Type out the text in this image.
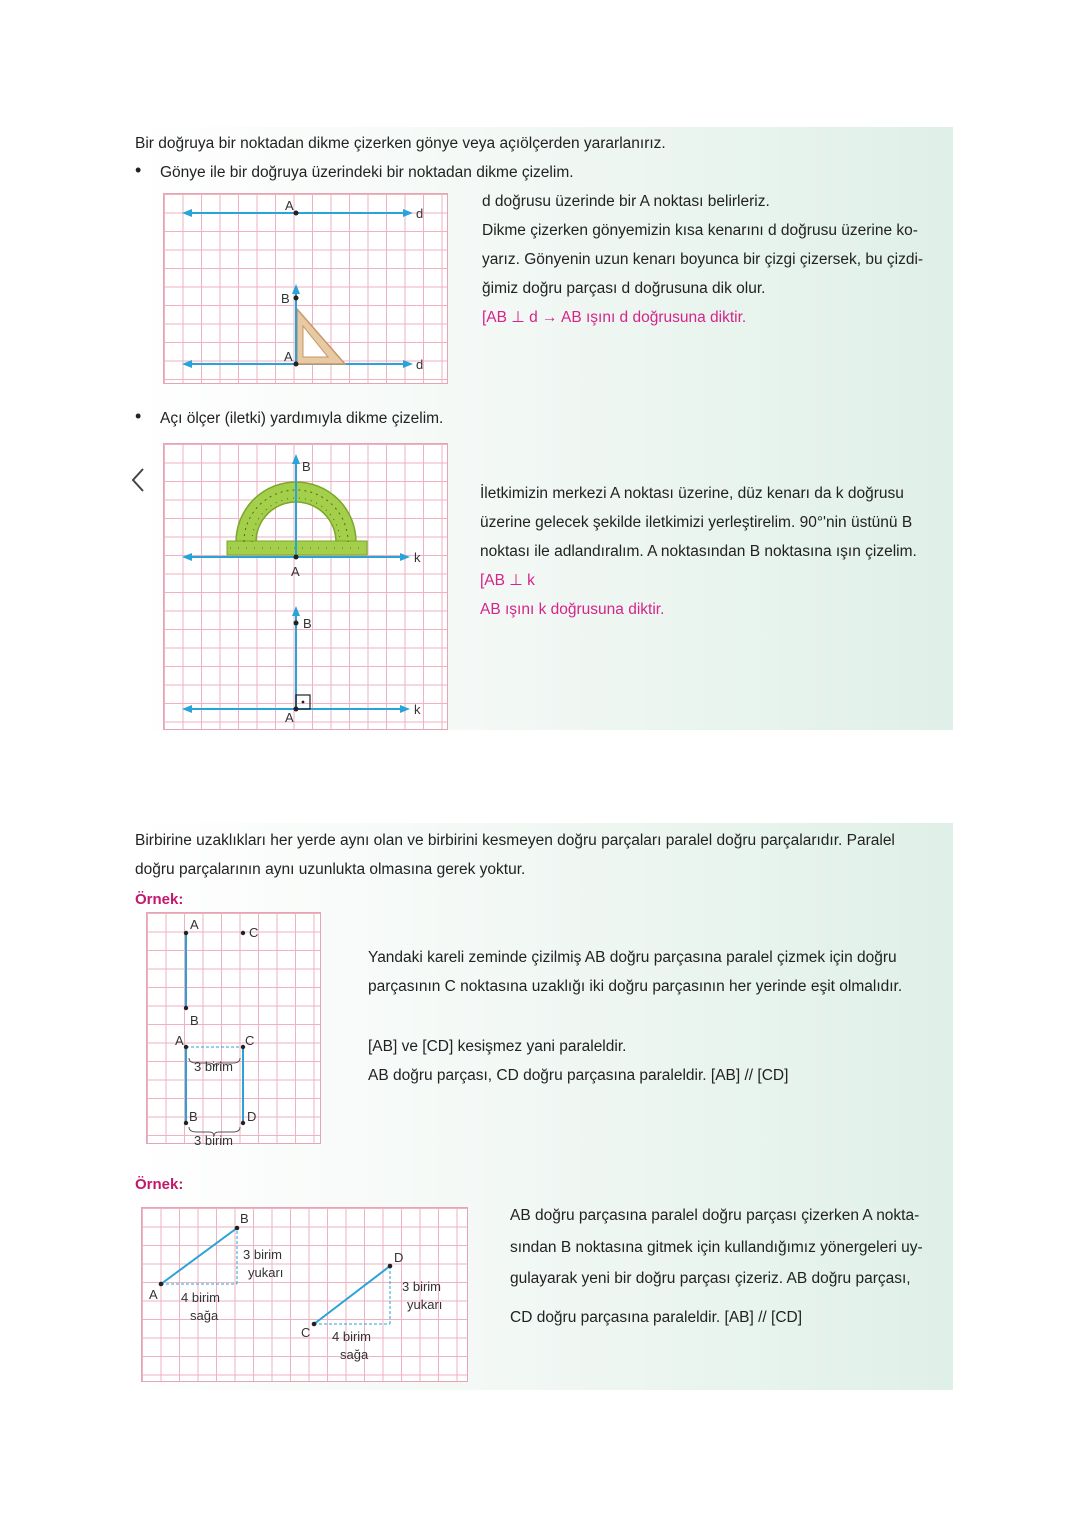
Bir doğruya bir noktadan dikme çizerken gönye veya açıölçerden yararlanırız.
• Gönye ile bir doğruya üzerindeki bir noktadan dikme çizelim.
d doğrusu üzerinde bir A noktası belirleriz.
Dikme çizerken gönyemizin kısa kenarını d doğrusu üzerine ko-
yarız. Gönyenin uzun kenarı boyunca bir çizgi çizersek, bu çizdi-
ğimiz doğru parçası d doğrusuna dik olur.
[AB ⊥ d → AB ışını d doğrusuna diktir.
• Açı ölçer (iletki) yardımıyla dikme çizelim.
İletkimizin merkezi A noktası üzerine, düz kenarı da k doğrusu
üzerine gelecek şekilde iletkimizi yerleştirelim. 90°'nin üstünü B
noktası ile adlandıralım. A noktasından B noktasına ışın çizelim.
[AB ⊥ k
AB ışını k doğrusuna diktir.
A
d
B
A
d
B
A
k
B
A
k
Birbirine uzaklıkları her yerde aynı olan ve birbirini kesmeyen doğru parçaları paralel doğru parçalarıdır. Paralel
doğru parçalarının aynı uzunlukta olmasına gerek yoktur.
Örnek:
Yandaki kareli zeminde çizilmiş AB doğru parçasına paralel çizmek için doğru
parçasının C noktasına uzaklığı iki doğru parçasının her yerinde eşit olmalıdır.
[AB] ve [CD] kesişmez yani paraleldir.
AB doğru parçası, CD doğru parçasına paraleldir. [AB] // [CD]
A
C
B
A	C
3 birim
B	D
3 birim
Örnek:
AB doğru parçasına paralel doğru parçası çizerken A nokta-
sından B noktasına gitmek için kullandığımız yönergeleri uy-
gulayarak yeni bir doğru parçası çizeriz. AB doğru parçası,
CD doğru parçasına paraleldir. [AB] // [CD]
A
B
3 birim
yukarı
4 birim
sağa
C
D
3 birim
yukarı
4 birim
sağa
